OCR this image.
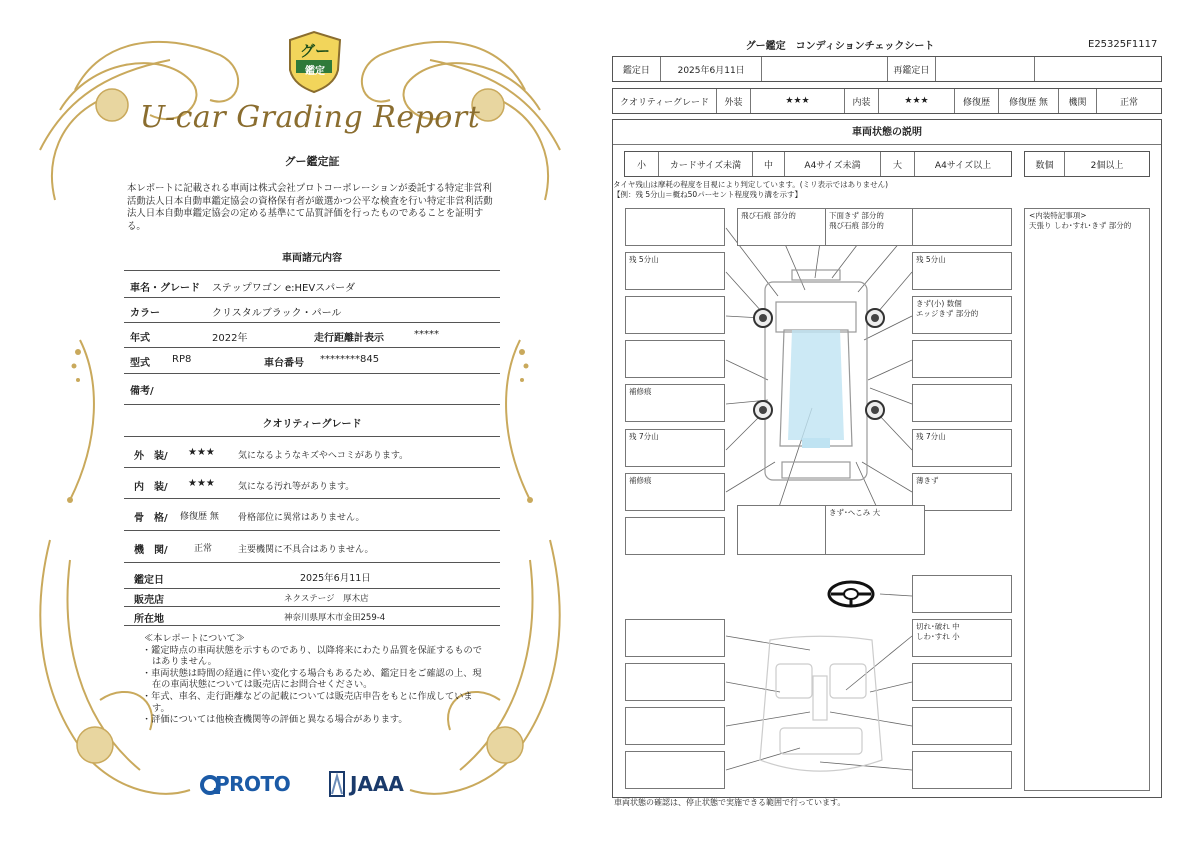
グー
鑑定
U-car Grading Report
グー鑑定証
本レポートに記載される車両は株式会社プロトコーポレーションが委託する特定非営利活動法人日本自動車鑑定協会の資格保有者が厳選かつ公平な検査を行い特定非営利活動法人日本自動車鑑定協会の定める基準にて品質評価を行ったものであることを証明する。
車両諸元内容
車名・グレード ステップワゴン e:HEVスパーダ
カラー	クリスタルブラック・パール
年式	2022年	走行距離計表示	*****
型式 RP8	車台番号 ********845
備考/
クオリティーグレード
外　装/ ★★★	気になるようなキズやヘコミがあります。
内　装/ ★★★	気になる汚れ等があります。
骨　格/ 修復歴 無 骨格部位に異常はありません。
機　関/	正常	主要機関に不具合はありません。
鑑定日	2025年6月11日
販売店	ネクステージ　厚木店
所在地	神奈川県厚木市金田259-4
≪本レポートについて≫
・鑑定時点の車両状態を示すものであり、以降将来にわたり品質を保証するものではありません。
・車両状態は時間の経過に伴い変化する場合もあるため、鑑定日をご確認の上、現在の車両状態については販売店にお問合せください。
・年式、車名、走行距離などの記載については販売店申告をもとに作成しています。
・評価については他検査機関等の評価と異なる場合があります。
PROTO	JAAA
グー鑑定　コンディションチェックシート	E25325F1117
鑑定日	2025年6月11日	再鑑定日
クオリティーグレード	外装	★★★	内装	★★★	修復歴	修復歴 無	機関	正常
車両状態の説明
小	カードサイズ未満	中	A4サイズ未満	大	A4サイズ以上	数個	2個以上
タイヤ残山は摩耗の程度を目視により判定しています。(ミリ表示ではありません)
【例：残 5分山＝概ね50パーセント程度残り溝を示す】
飛び石痕 部分的	下面きず 部分的
飛び石痕 部分的
残 5分山	残 5分山
きず(小) 数個
エッジきず 部分的
補修痕
残 7分山	残 7分山
補修痕	薄きず
きず･へこみ 大
切れ･破れ 中
しわ･すれ 小
<内装特記事項>
天張り しわ･すれ･きず 部分的
車両状態の確認は、停止状態で実施できる範囲で行っています。
